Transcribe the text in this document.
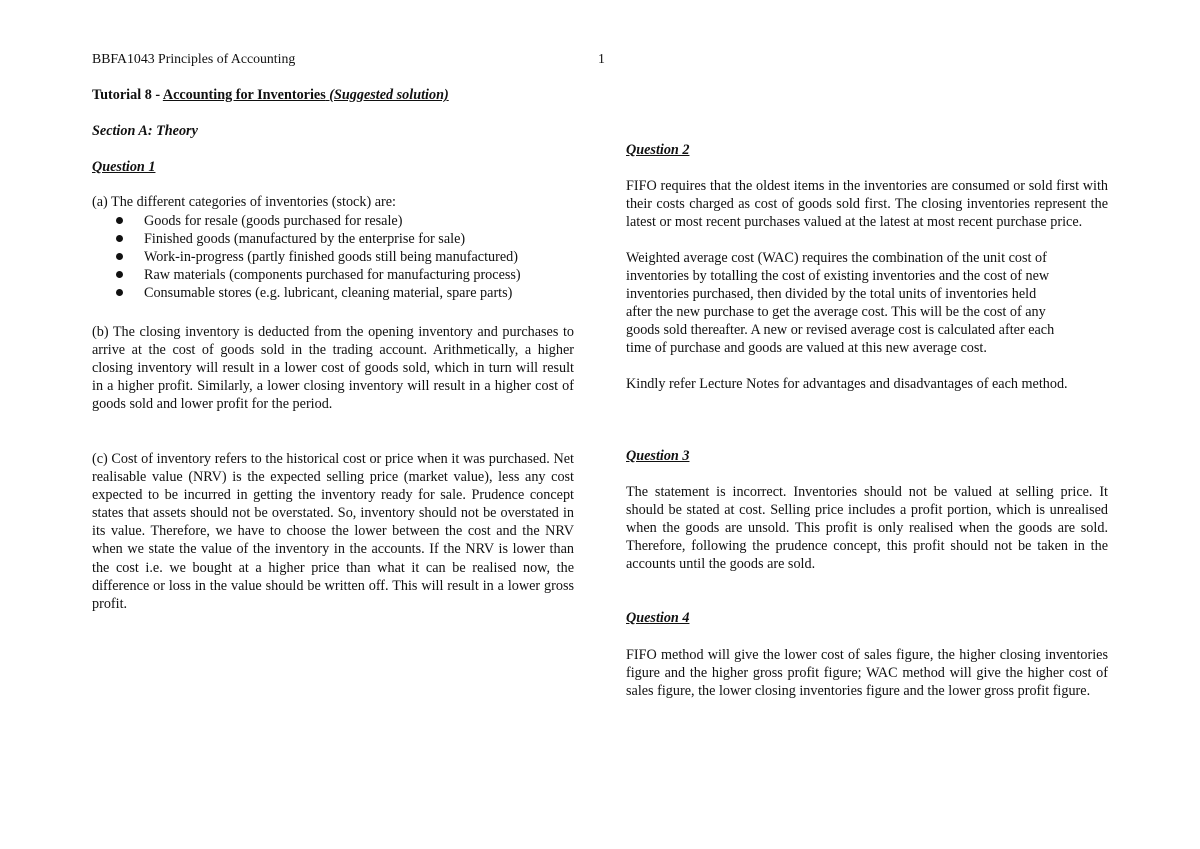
BBFA1043 Principles of Accounting	1
Tutorial 8 - Accounting for Inventories (Suggested solution)
Section A: Theory
Question 1
(a) The different categories of inventories (stock) are:
Goods for resale (goods purchased for resale)
Finished goods (manufactured by the enterprise for sale)
Work-in-progress (partly finished goods still being manufactured)
Raw materials (components purchased for manufacturing process)
Consumable stores (e.g. lubricant, cleaning material, spare parts)

(b) The closing inventory is deducted from the opening inventory and purchases to arrive at the cost of goods sold in the trading account. Arithmetically, a higher closing inventory will result in a lower cost of goods sold, which in turn will result in a higher profit. Similarly, a lower closing inventory will result in a higher cost of goods sold and lower profit for the period.

(c) Cost of inventory refers to the historical cost or price when it was purchased. Net realisable value (NRV) is the expected selling price (market value), less any cost expected to be incurred in getting the inventory ready for sale. Prudence concept states that assets should not be overstated. So, inventory should not be overstated in its value. Therefore, we have to choose the lower between the cost and the NRV when we state the value of the inventory in the accounts. If the NRV is lower than the cost i.e. we bought at a higher price than what it can be realised now, the difference or loss in the value should be written off. This will result in a lower gross profit.

Question 2

FIFO requires that the oldest items in the inventories are consumed or sold first with their costs charged as cost of goods sold first. The closing inventories represent the latest or most recent purchases valued at the latest at most recent purchase price.

Weighted average cost (WAC) requires the combination of the unit cost of
inventories by totalling the cost of existing inventories and the cost of new
inventories purchased, then divided by the total units of inventories held
after the new purchase to get the average cost. This will be the cost of any
goods sold thereafter. A new or revised average cost is calculated after each
time of purchase and goods are valued at this new average cost.

Kindly refer Lecture Notes for advantages and disadvantages of each method.

Question 3

The statement is incorrect. Inventories should not be valued at selling price. It should be stated at cost. Selling price includes a profit portion, which is unrealised when the goods are unsold. This profit is only realised when the goods are sold. Therefore, following the prudence concept, this profit should not be taken in the accounts until the goods are sold.

Question 4

FIFO method will give the lower cost of sales figure, the higher closing inventories figure and the higher gross profit figure; WAC method will give the higher cost of sales figure, the lower closing inventories figure and the lower gross profit figure.
